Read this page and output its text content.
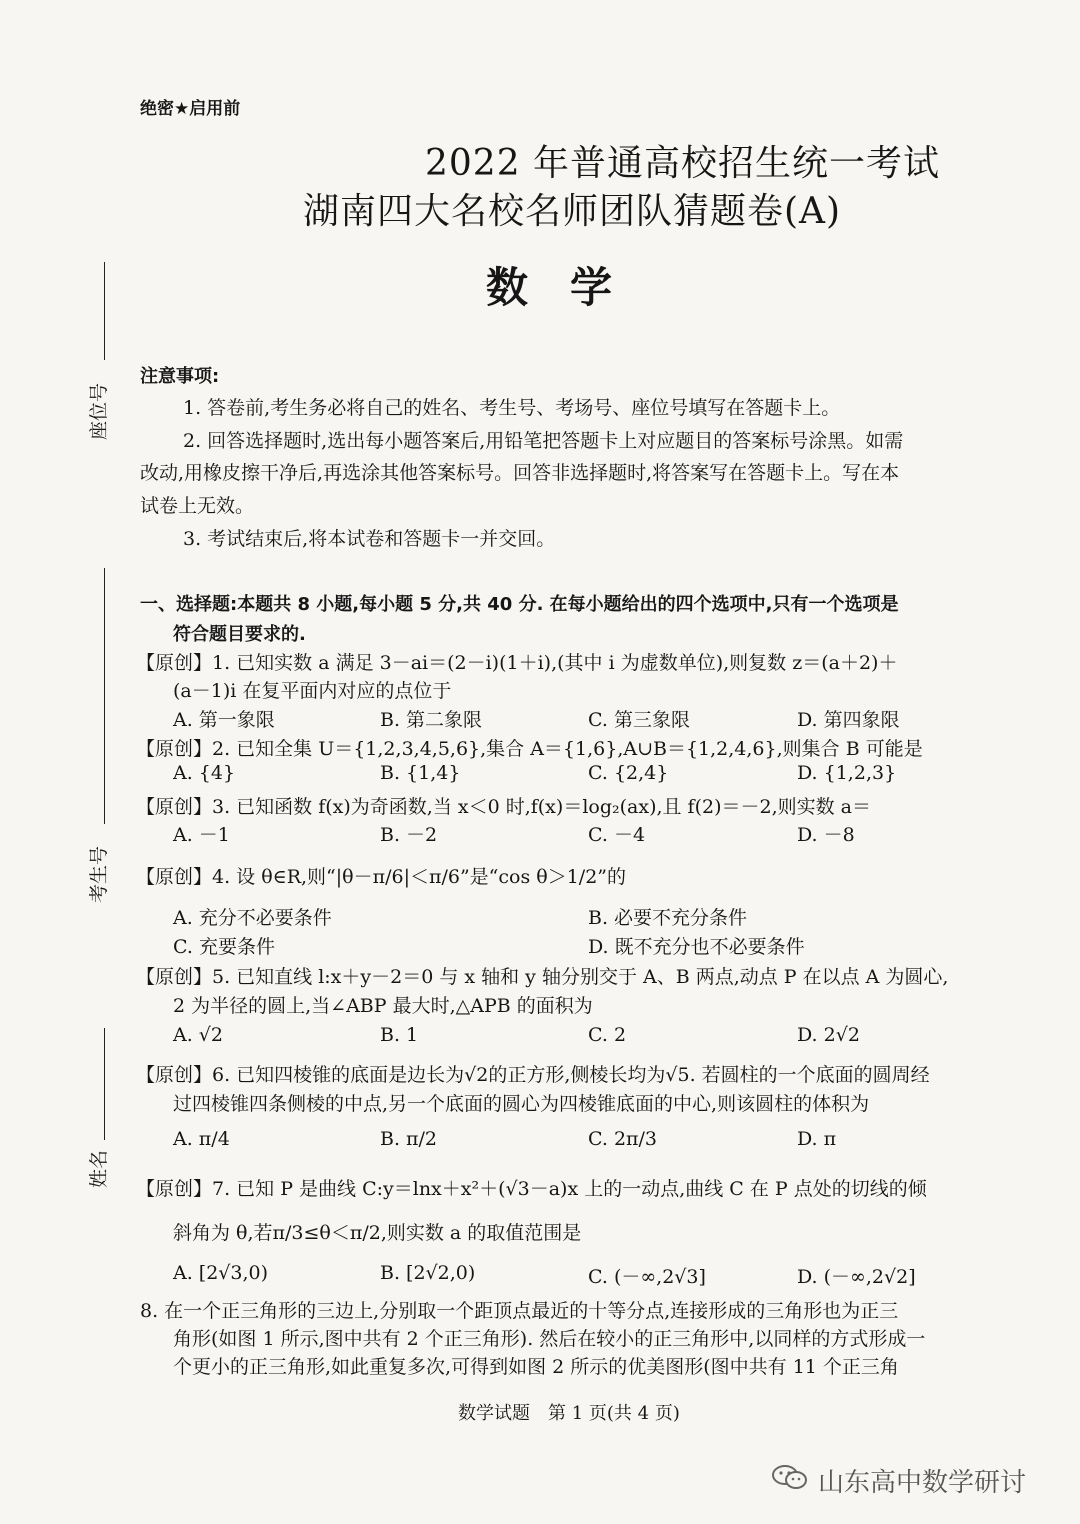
绝密★启用前
2022 年普通高校招生统一考试
湖南四大名校名师团队猜题卷(A)
数　学
座位号
考生号
姓名
注意事项:
1. 答卷前,考生务必将自己的姓名、考生号、考场号、座位号填写在答题卡上。
2. 回答选择题时,选出每小题答案后,用铅笔把答题卡上对应题目的答案标号涂黑。如需
改动,用橡皮擦干净后,再选涂其他答案标号。回答非选择题时,将答案写在答题卡上。写在本
试卷上无效。
3. 考试结束后,将本试卷和答题卡一并交回。
一、选择题:本题共 8 小题,每小题 5 分,共 40 分. 在每小题给出的四个选项中,只有一个选项是
符合题目要求的.
【原创】1. 已知实数 a 满足 3－ai＝(2－i)(1＋i),(其中 i 为虚数单位),则复数 z＝(a＋2)＋
(a－1)i 在复平面内对应的点位于
A. 第一象限	B. 第二象限	C. 第三象限	D. 第四象限
【原创】2. 已知全集 U＝{1,2,3,4,5,6},集合 A＝{1,6},A∪B＝{1,2,4,6},则集合 B 可能是
A. {4}	B. {1,4}	C. {2,4}	D. {1,2,3}
【原创】3. 已知函数 f(x)为奇函数,当 x＜0 时,f(x)＝log₂(ax),且 f(2)＝－2,则实数 a＝
A. －1	B. －2	C. －4	D. －8
【原创】4. 设 θ∈R,则“|θ－π/6|＜π/6”是“cos θ＞1/2”的
A. 充分不必要条件	B. 必要不充分条件
C. 充要条件	D. 既不充分也不必要条件
【原创】5. 已知直线 l:x＋y－2＝0 与 x 轴和 y 轴分别交于 A、B 两点,动点 P 在以点 A 为圆心,
2 为半径的圆上,当∠ABP 最大时,△APB 的面积为
A. √2	B. 1	C. 2	D. 2√2
【原创】6. 已知四棱锥的底面是边长为√2的正方形,侧棱长均为√5. 若圆柱的一个底面的圆周经
过四棱锥四条侧棱的中点,另一个底面的圆心为四棱锥底面的中心,则该圆柱的体积为
A. π/4	B. π/2	C. 2π/3	D. π
【原创】7. 已知 P 是曲线 C:y＝lnx＋x²＋(√3－a)x 上的一动点,曲线 C 在 P 点处的切线的倾
斜角为 θ,若π/3≤θ＜π/2,则实数 a 的取值范围是
A. [2√3,0)	B. [2√2,0)	C. (－∞,2√3]	D. (－∞,2√2]
8. 在一个正三角形的三边上,分别取一个距顶点最近的十等分点,连接形成的三角形也为正三
角形(如图 1 所示,图中共有 2 个正三角形). 然后在较小的正三角形中,以同样的方式形成一
个更小的正三角形,如此重复多次,可得到如图 2 所示的优美图形(图中共有 11 个正三角
数学试题　第 1 页(共 4 页)
山东高中数学研讨
